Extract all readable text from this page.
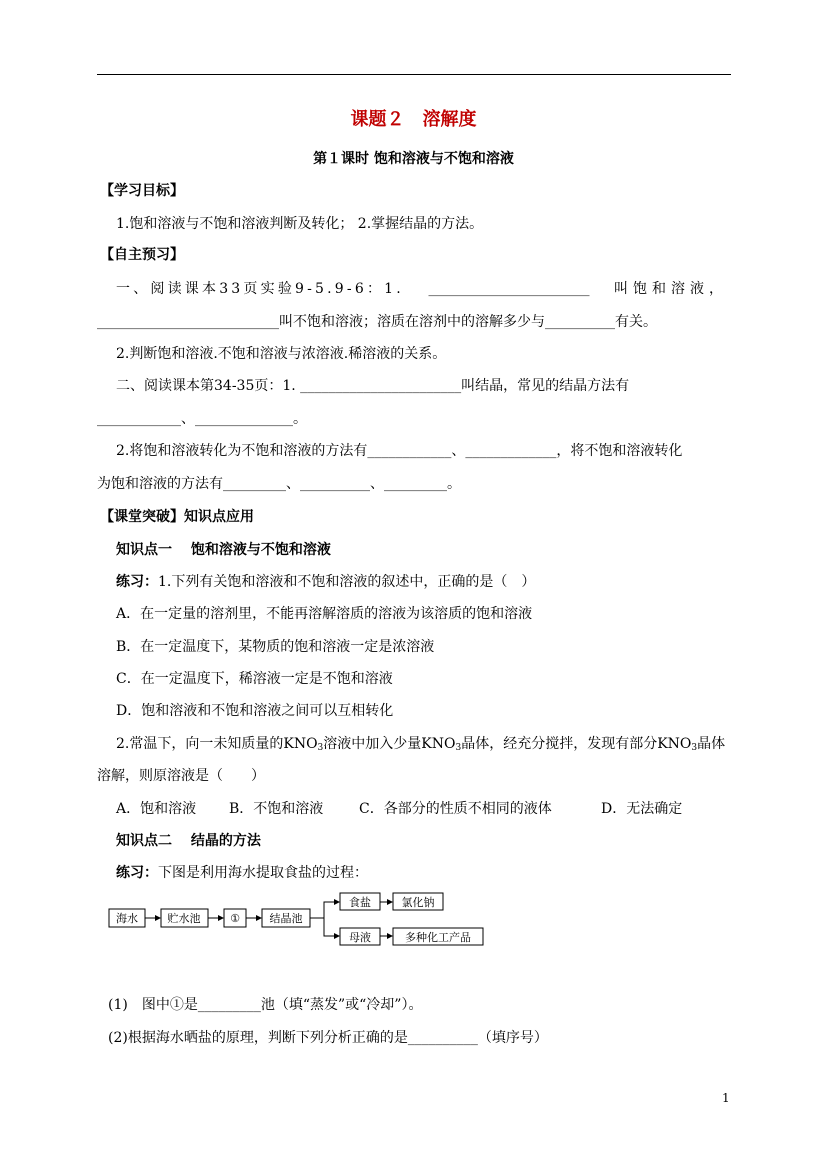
课题２　溶解度
第１课时 饱和溶液与不饱和溶液
【学习目标】
1.饱和溶液与不饱和溶液判断及转化； 2.掌握结晶的方法。
【自主预习】
一、阅读课本33页实验9-5.9-6：1. _______________________ 叫饱和溶液，
__________________________叫不饱和溶液；溶质在溶剂中的溶解多少与__________有关。
2.判断饱和溶液.不饱和溶液与浓溶液.稀溶液的关系。
二、阅读课本第34-35页：1. _______________________叫结晶，常见的结晶方法有
____________、______________。
2.将饱和溶液转化为不饱和溶液的方法有____________、_____________，将不饱和溶液转化
为饱和溶液的方法有_________、__________、_________。
【课堂突破】知识点应用
知识点一　 饱和溶液与不饱和溶液
练习：1.下列有关饱和溶液和不饱和溶液的叙述中，正确的是（　）
A．在一定量的溶剂里，不能再溶解溶质的溶液为该溶质的饱和溶液
B．在一定温度下，某物质的饱和溶液一定是浓溶液
C．在一定温度下，稀溶液一定是不饱和溶液
D．饱和溶液和不饱和溶液之间可以互相转化
2.常温下，向一未知质量的$KNO_3$溶液中加入少量$KNO_3$晶体，经充分搅拌，发现有部分$KNO_3$晶体
溶解，则原溶液是（　　）
A．饱和溶液 B．不饱和溶液	C．各部分的性质不相同的液体	D．无法确定
知识点二　 结晶的方法
练习：下图是利用海水提取食盐的过程：
海水	贮水池	①	结晶池
食盐	氯化钠
母液	多种化工产品
(1)　图中①是_________池（填“蒸发”或“冷却”）。
(2)根据海水晒盐的原理，判断下列分析正确的是__________（填序号）
1
